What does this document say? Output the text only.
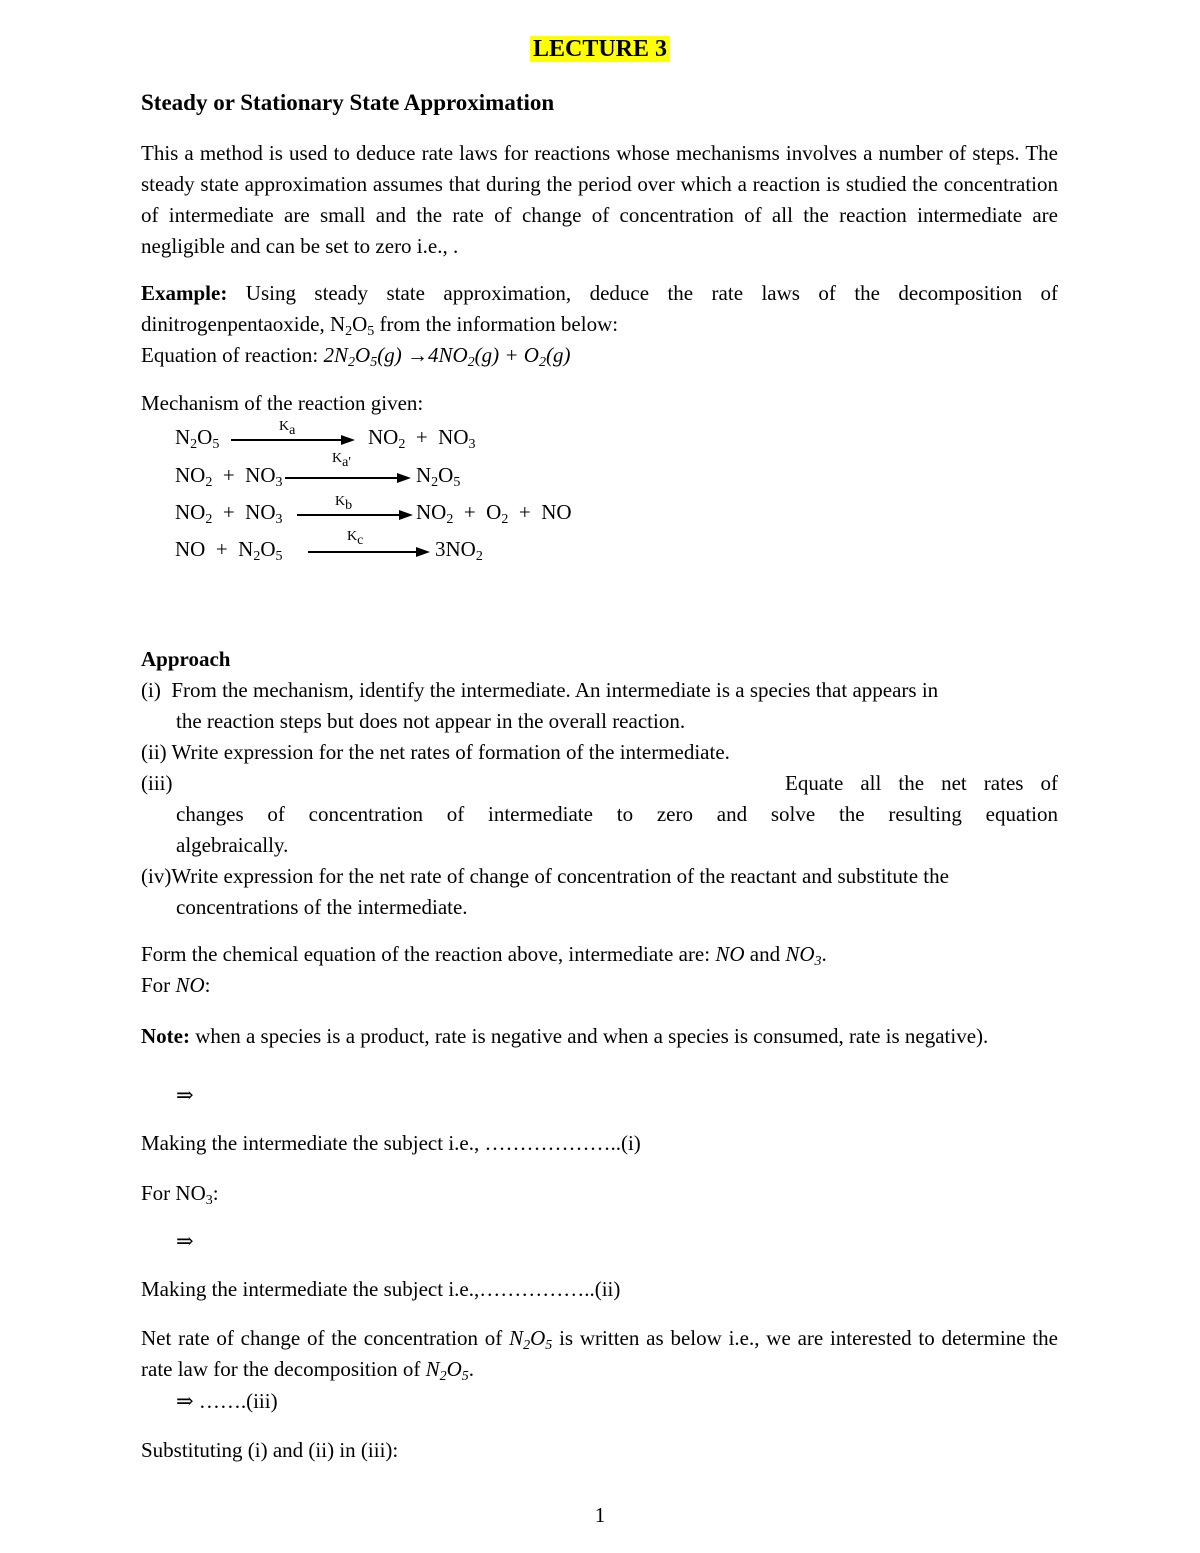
LECTURE 3
Steady or Stationary State Approximation
This a method is used to deduce rate laws for reactions whose mechanisms involves a number of steps. The steady state approximation assumes that during the period over which a reaction is studied the concentration of intermediate are small and the rate of change of concentration of all the reaction intermediate are negligible and can be set to zero i.e., .
Example: Using steady state approximation, deduce the rate laws of the decomposition of dinitrogenpentaoxide, $N_2O_5$ from the information below:
Equation of reaction: $2N_2O_5(g) \to 4NO_2(g) + O_2(g)$
Mechanism of the reaction given:
$N_2O_5$
$K_a$	$NO_2 + NO_3$
$NO_2 + NO_3$
$K_{a'}$
$N_2O_5$
$NO_2 + NO_3$
$K_b$	$NO_2 + O_2$  +  NO
NO  +  $N_2O_5$
$K_c$	$3NO_2$
Approach
(i) From the mechanism, identify the intermediate. An intermediate is a species that appears in
the reaction steps but does not appear in the overall reaction.
(ii) Write expression for the net rates of formation of the intermediate.
(iii)	Equate all the net rates of
changes of concentration of intermediate to zero and solve the resulting equation
algebraically.
(iv)Write expression for the net rate of change of concentration of the reactant and substitute the
concentrations of the intermediate.
Form the chemical equation of the reaction above, intermediate are: NO and $NO_3$.
For NO:
Note: when a species is a product, rate is negative and when a species is consumed, rate is negative).
⇒
Making the intermediate the subject i.e., ………………..(i)
For $NO_3$:
⇒
Making the intermediate the subject i.e.,……………..(ii)
Net rate of change of the concentration of $N_2O_5$ is written as below i.e., we are interested to determine the rate law for the decomposition of $N_2O_5$.
⇒ …….(iii)
Substituting (i) and (ii) in (iii):
1
